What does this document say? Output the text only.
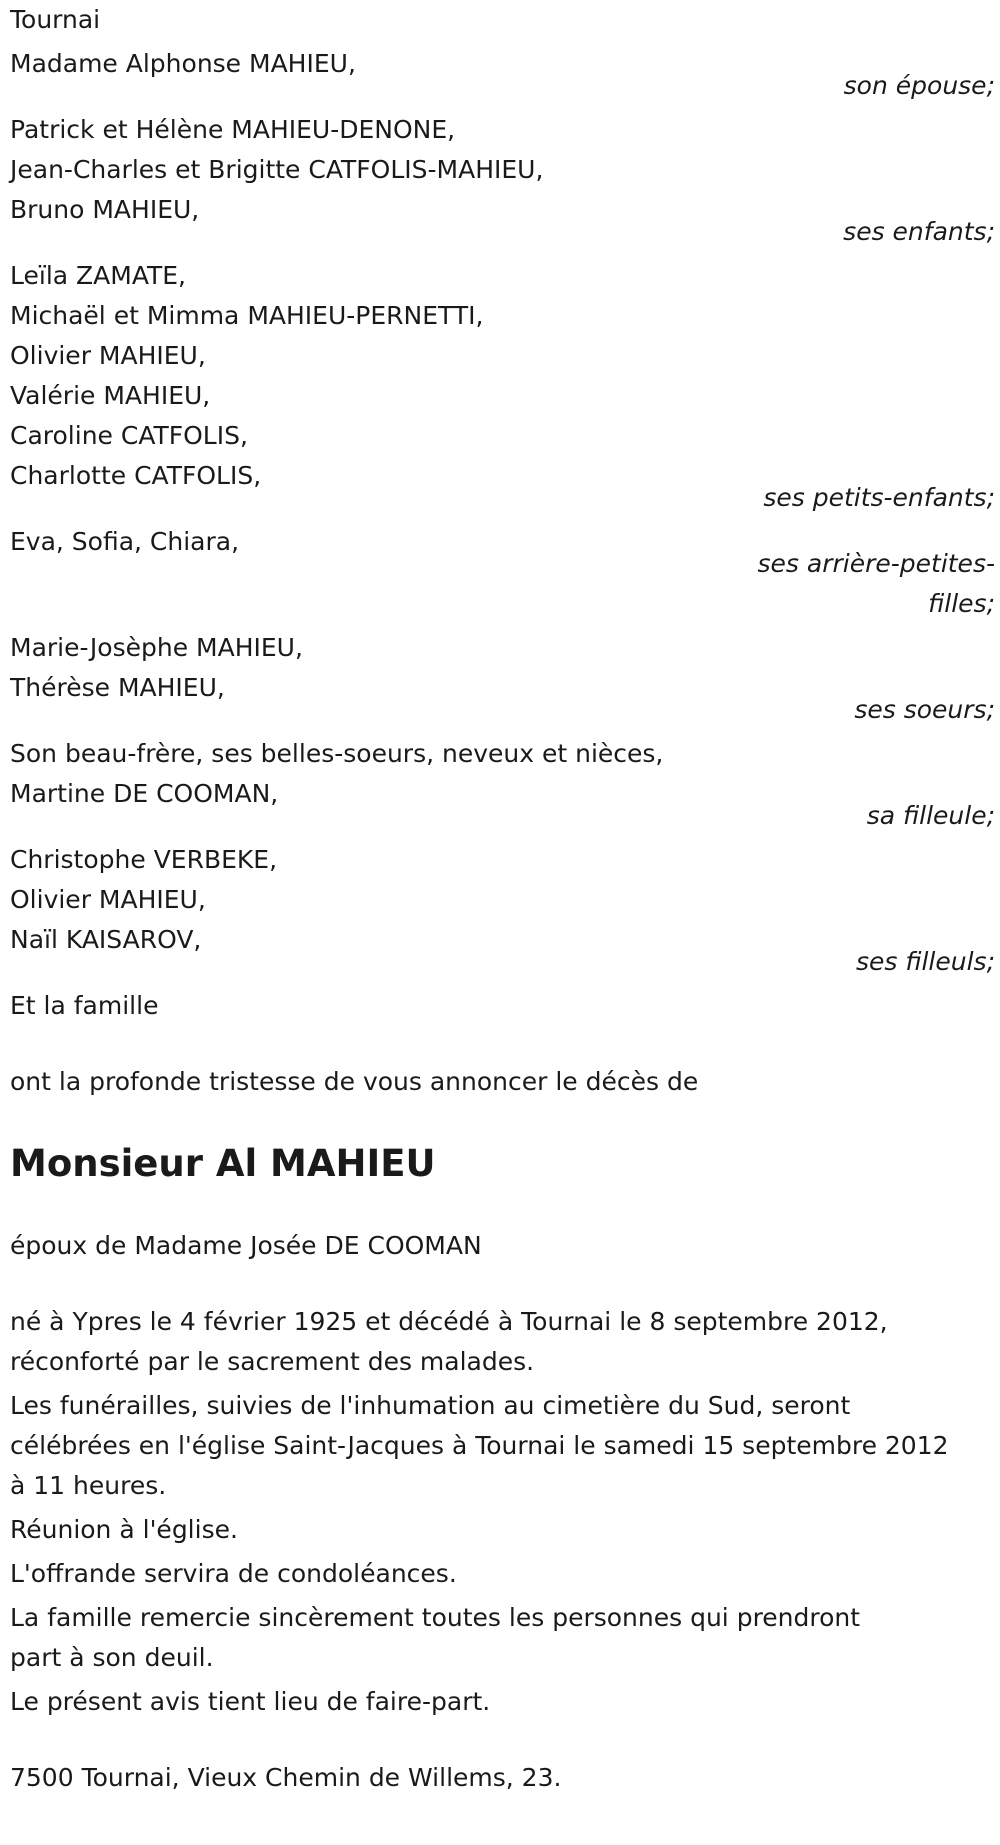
Tournai
Madame Alphonse MAHIEU,
son épouse;
Patrick et Hélène MAHIEU-DENONE,
Jean-Charles et Brigitte CATFOLIS-MAHIEU,
Bruno MAHIEU,
ses enfants;
Leïla ZAMATE,
Michaël et Mimma MAHIEU-PERNETTI,
Olivier MAHIEU,
Valérie MAHIEU,
Caroline CATFOLIS,
Charlotte CATFOLIS,
ses petits-enfants;
Eva, Sofia, Chiara,
ses arrière-petites-
filles;
Marie-Josèphe MAHIEU,
Thérèse MAHIEU,
ses soeurs;
Son beau-frère, ses belles-soeurs, neveux et nièces,
Martine DE COOMAN,
sa filleule;
Christophe VERBEKE,
Olivier MAHIEU,
Naïl KAISAROV,
ses filleuls;
Et la famille
ont la profonde tristesse de vous annoncer le décès de
Monsieur Al MAHIEU
époux de Madame Josée DE COOMAN
né à Ypres le 4 février 1925 et décédé à Tournai le 8 septembre 2012,
réconforté par le sacrement des malades.
Les funérailles, suivies de l'inhumation au cimetière du Sud, seront
célébrées en l'église Saint-Jacques à Tournai le samedi 15 septembre 2012
à 11 heures.
Réunion à l'église.
L'offrande servira de condoléances.
La famille remercie sincèrement toutes les personnes qui prendront
part à son deuil.
Le présent avis tient lieu de faire-part.
7500 Tournai, Vieux Chemin de Willems, 23.
